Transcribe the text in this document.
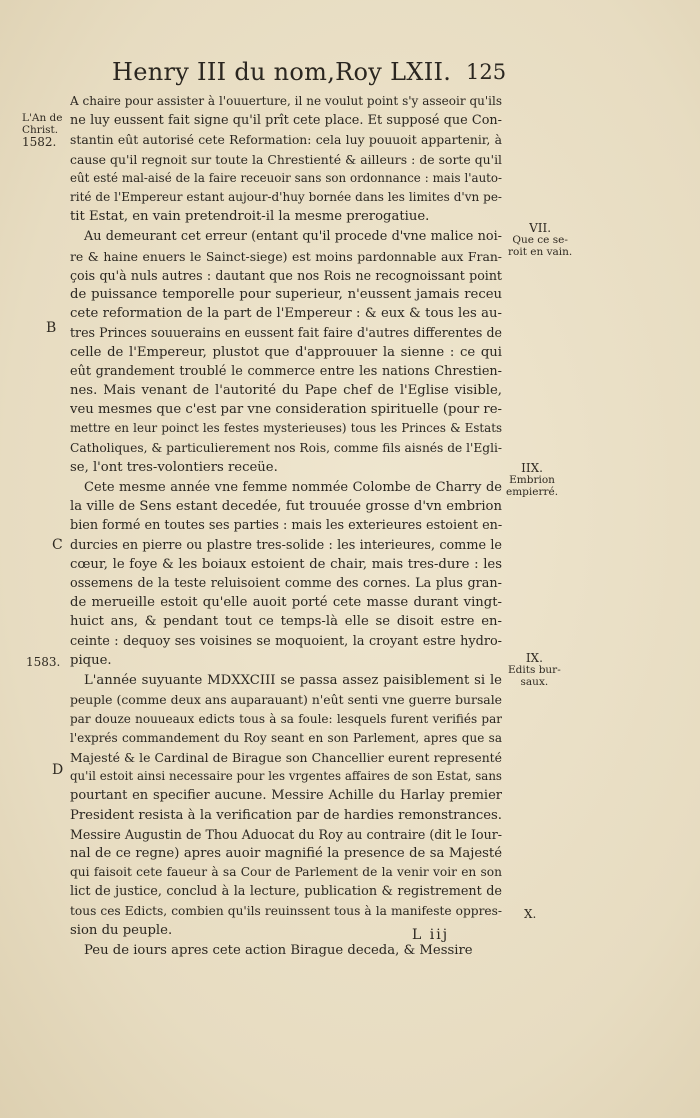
Henry III du nom,Roy LXII. 125
L'An de
Christ.
1582.
B
C
1583.
D
VII.
Que ce se-
roit en vain.
IIX.
Embrion
empierré.
IX.
Edits bur-
saux.
X.
A chaire pour assister à l'ouuerture, il ne voulut point s'y asseoir qu'ils
ne luy eussent fait signe qu'il prît cete place. Et supposé que Con-
stantin eût autorisé cete Reformation: cela luy pouuoit appartenir, à
cause qu'il regnoit sur toute la Chrestienté & ailleurs : de sorte qu'il
eût esté mal-aisé de la faire receuoir sans son ordonnance : mais l'auto-
rité de l'Empereur estant aujour-d'huy bornée dans les limites d'vn pe-
tit Estat, en vain pretendroit-il la mesme prerogatiue.
Au demeurant cet erreur (entant qu'il procede d'vne malice noi-
re & haine enuers le Sainct-siege) est moins pardonnable aux Fran-
çois qu'à nuls autres : dautant que nos Rois ne recognoissant point
de puissance temporelle pour superieur, n'eussent jamais receu
cete reformation de la part de l'Empereur : & eux & tous les au-
tres Princes souuerains en eussent fait faire d'autres differentes de
celle de l'Empereur, plustot que d'approuuer la sienne : ce qui
eût grandement troublé le commerce entre les nations Chrestien-
nes. Mais venant de l'autorité du Pape chef de l'Eglise visible,
veu mesmes que c'est par vne consideration spirituelle (pour re-
mettre en leur poinct les festes mysterieuses) tous les Princes & Estats
Catholiques, & particulierement nos Rois, comme fils aisnés de l'Egli-
se, l'ont tres-volontiers receüe.
Cete mesme année vne femme nommée Colombe de Charry de
la ville de Sens estant decedée, fut trouuée grosse d'vn embrion
bien formé en toutes ses parties : mais les exterieures estoient en-
durcies en pierre ou plastre tres-solide : les interieures, comme le
cœur, le foye & les boiaux estoient de chair, mais tres-dure : les
ossemens de la teste reluisoient comme des cornes. La plus gran-
de merueille estoit qu'elle auoit porté cete masse durant vingt-
huict ans, & pendant tout ce temps-là elle se disoit estre en-
ceinte : dequoy ses voisines se moquoient, la croyant estre hydro-
pique.
L'année suyuante MDXXCIII se passa assez paisiblement si le
peuple (comme deux ans auparauant) n'eût senti vne guerre bursale
par douze nouueaux edicts tous à sa foule: lesquels furent verifiés par
l'exprés commandement du Roy seant en son Parlement, apres que sa
Majesté & le Cardinal de Birague son Chancellier eurent representé
qu'il estoit ainsi necessaire pour les vrgentes affaires de son Estat, sans
pourtant en specifier aucune. Messire Achille du Harlay premier
President resista à la verification par de hardies remonstrances.
Messire Augustin de Thou Aduocat du Roy au contraire (dit le Iour-
nal de ce regne) apres auoir magnifié la presence de sa Majesté
qui faisoit cete faueur à sa Cour de Parlement de la venir voir en son
lict de justice, conclud à la lecture, publication & registrement de
tous ces Edicts, combien qu'ils reuinssent tous à la manifeste oppres-
sion du peuple.
Peu de iours apres cete action Birague deceda, & Messire
L iij
